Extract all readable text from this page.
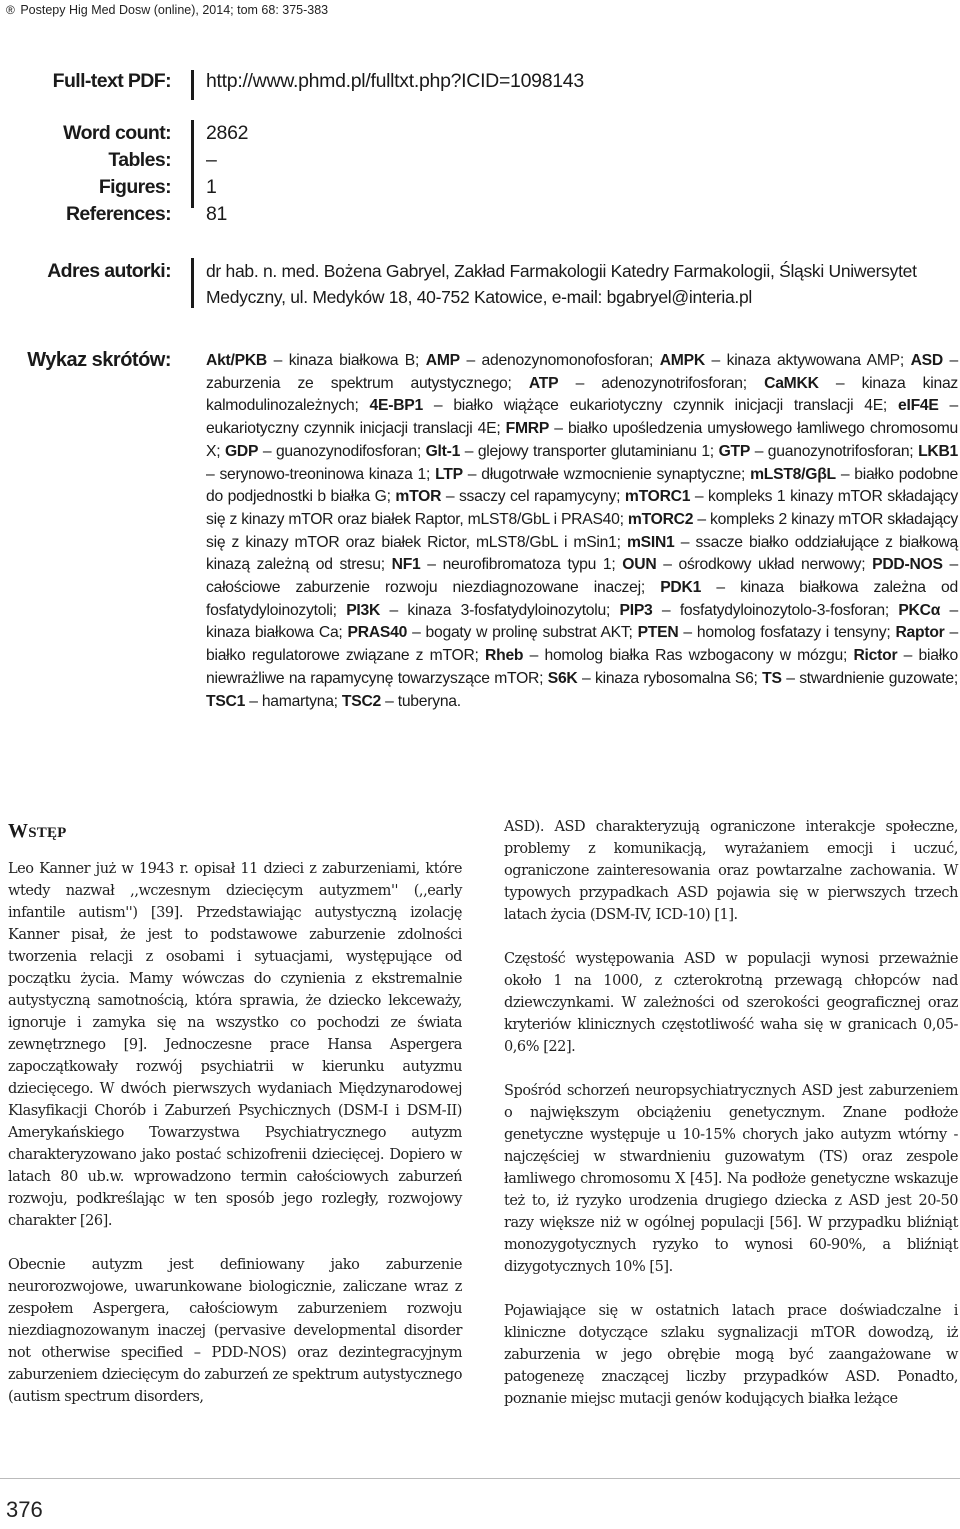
® Postepy Hig Med Dosw (online), 2014; tom 68: 375-383
Full-text PDF: http://www.phmd.pl/fulltxt.php?ICID=1098143
Word count: 2862
Tables: –
Figures: 1
References: 81
Adres autorki: dr hab. n. med. Bożena Gabryel, Zakład Farmakologii Katedry Farmakologii, Śląski Uniwersytet Medyczny, ul. Medyków 18, 40-752 Katowice, e-mail: bgabryel@interia.pl
Wykaz skrótów: Akt/PKB – kinaza białkowa B; AMP – adenozynomonofosforan; AMPK – kinaza aktywowana AMP; ASD – zaburzenia ze spektrum autystycznego; ATP – adenozynotrifosforan; CaMKK – kinaza kinaz kalmodulinozależnych; 4E-BP1 – białko wiążące eukariotyczny czynnik inicjacji translacji 4E; eIF4E – eukariotyczny czynnik inicjacji translacji 4E; FMRP – białko upośledzenia umysłowego łamliwego chromosomu X; GDP – guanozynodifosforan; Glt-1 – glejowy transporter glutaminianu 1; GTP – guanozynotrifosforan; LKB1 – serynowo-treoninowa kinaza 1; LTP – długotrwałe wzmocnienie synaptyczne; mLST8/GβL – białko podobne do podjednostki b białka G; mTOR – ssaczy cel rapamycyny; mTORC1 – kompleks 1 kinazy mTOR składający się z kinazy mTOR oraz białek Raptor, mLST8/GbL i PRAS40; mTORC2 – kompleks 2 kinazy mTOR składający się z kinazy mTOR oraz białek Rictor, mLST8/GbL i mSin1; mSIN1 – ssacze białko oddziałujące z białkową kinazą zależną od stresu; NF1 – neurofibromatoza typu 1; OUN – ośrodkowy układ nerwowy; PDD-NOS – całościowe zaburzenie rozwoju niezdiagnozowane inaczej; PDK1 – kinaza białkowa zależna od fosfatydyloinozytoli; PI3K – kinaza 3-fosfatydyloinozytolu; PIP3 – fosfatydyloinozytolo-3-fosforan; PKCα – kinaza białkowa Ca; PRAS40 – bogaty w prolinę substrat AKT; PTEN – homolog fosfatazy i tensyny; Raptor – białko regulatorowe związane z mTOR; Rheb – homolog białka Ras wzbogacony w mózgu; Rictor – białko niewrażliwe na rapamycynę towarzyszące mTOR; S6K – kinaza rybosomalna S6; TS – stwardnienie guzowate; TSC1 – hamartyna; TSC2 – tuberyna.
WSTĘP

Leo Kanner już w 1943 r. opisał 11 dzieci z zaburzeniami, które wtedy nazwał ,,wczesnym dziecięcym autyzmem'' (,,early infantile autism'') [39]. Przedstawiając autystyczną izolację Kanner pisał, że jest to podstawowe zaburzenie zdolności tworzenia relacji z osobami i sytuacjami, występujące od początku życia. Mamy wówczas do czynienia z ekstremalnie autystyczną samotnością, która sprawia, że dziecko lekceważy, ignoruje i zamyka się na wszystko co pochodzi ze świata zewnętrznego [9]. Jednoczesne prace Hansa Aspergera zapoczątkowały rozwój psychiatrii w kierunku autyzmu dziecięcego. W dwóch pierwszych wydaniach Międzynarodowej Klasyfikacji Chorób i Zaburzeń Psychicznych (DSM-I i DSM-II) Amerykańskiego Towarzystwa Psychiatrycznego autyzm charakteryzowano jako postać schizofrenii dziecięcej. Dopiero w latach 80 ub.w. wprowadzono termin całościowych zaburzeń rozwoju, podkreślając w ten sposób jego rozległy, rozwojowy charakter [26].

Obecnie autyzm jest definiowany jako zaburzenie neurorozwojowe, uwarunkowane biologicznie, zaliczane wraz z zespołem Aspergera, całościowym zaburzeniem rozwoju niezdiagnozowanym inaczej (pervasive developmental disorder not otherwise specified – PDD-NOS) oraz dezintegracyjnym zaburzeniem dziecięcym do zaburzeń ze spektrum autystycznego (autism spectrum disorders,

ASD). ASD charakteryzują ograniczone interakcje społeczne, problemy z komunikacją, wyrażaniem emocji i uczuć, ograniczone zainteresowania oraz powtarzalne zachowania. W typowych przypadkach ASD pojawia się w pierwszych trzech latach życia (DSM-IV, ICD-10) [1].

Częstość występowania ASD w populacji wynosi przeważnie około 1 na 1000, z czterokrotną przewagą chłopców nad dziewczynkami. W zależności od szerokości geograficznej oraz kryteriów klinicznych częstotliwość waha się w granicach 0,05-0,6% [22].

Spośród schorzeń neuropsychiatrycznych ASD jest zaburzeniem o największym obciążeniu genetycznym. Znane podłoże genetyczne występuje u 10-15% chorych jako autyzm wtórny - najczęściej w stwardnieniu guzowatym (TS) oraz zespole łamliwego chromosomu X [45]. Na podłoże genetyczne wskazuje też to, iż ryzyko urodzenia drugiego dziecka z ASD jest 20-50 razy większe niż w ogólnej populacji [56]. W przypadku bliźniąt monozygotycznych ryzyko to wynosi 60-90%, a bliźniąt dizygotycznych 10% [5].

Pojawiające się w ostatnich latach prace doświadczalne i kliniczne dotyczące szlaku sygnalizacji mTOR dowodzą, iż zaburzenia w jego obrębie mogą być zaangażowane w patogenezę znaczącej liczby przypadków ASD. Ponadto, poznanie miejsc mutacji genów kodujących białka leżące

376
